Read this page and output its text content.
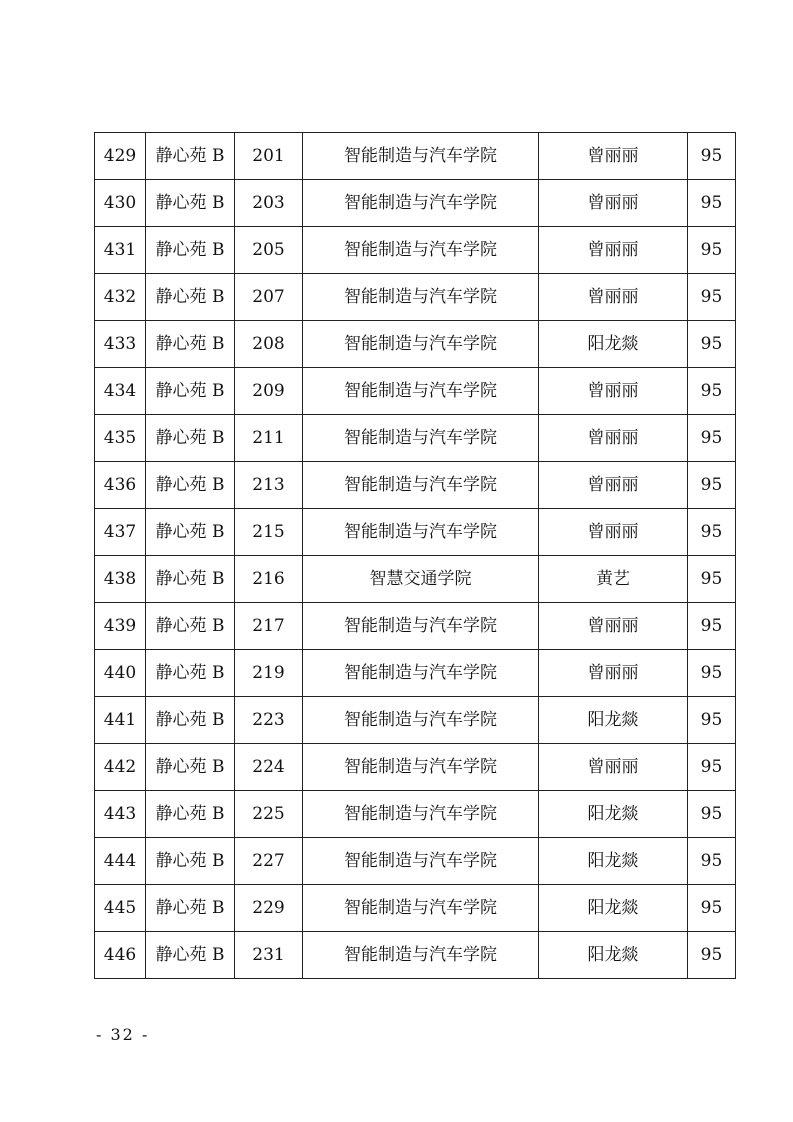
429	静心苑 B	201	智能制造与汽车学院	曾丽丽	95
430	静心苑 B	203	智能制造与汽车学院	曾丽丽	95
431	静心苑 B	205	智能制造与汽车学院	曾丽丽	95
432	静心苑 B	207	智能制造与汽车学院	曾丽丽	95
433	静心苑 B	208	智能制造与汽车学院	阳龙燚	95
434	静心苑 B	209	智能制造与汽车学院	曾丽丽	95
435	静心苑 B	211	智能制造与汽车学院	曾丽丽	95
436	静心苑 B	213	智能制造与汽车学院	曾丽丽	95
437	静心苑 B	215	智能制造与汽车学院	曾丽丽	95
438	静心苑 B	216	智慧交通学院	黄艺	95
439	静心苑 B	217	智能制造与汽车学院	曾丽丽	95
440	静心苑 B	219	智能制造与汽车学院	曾丽丽	95
441	静心苑 B	223	智能制造与汽车学院	阳龙燚	95
442	静心苑 B	224	智能制造与汽车学院	曾丽丽	95
443	静心苑 B	225	智能制造与汽车学院	阳龙燚	95
444	静心苑 B	227	智能制造与汽车学院	阳龙燚	95
445	静心苑 B	229	智能制造与汽车学院	阳龙燚	95
446	静心苑 B	231	智能制造与汽车学院	阳龙燚	95
- 32 -
